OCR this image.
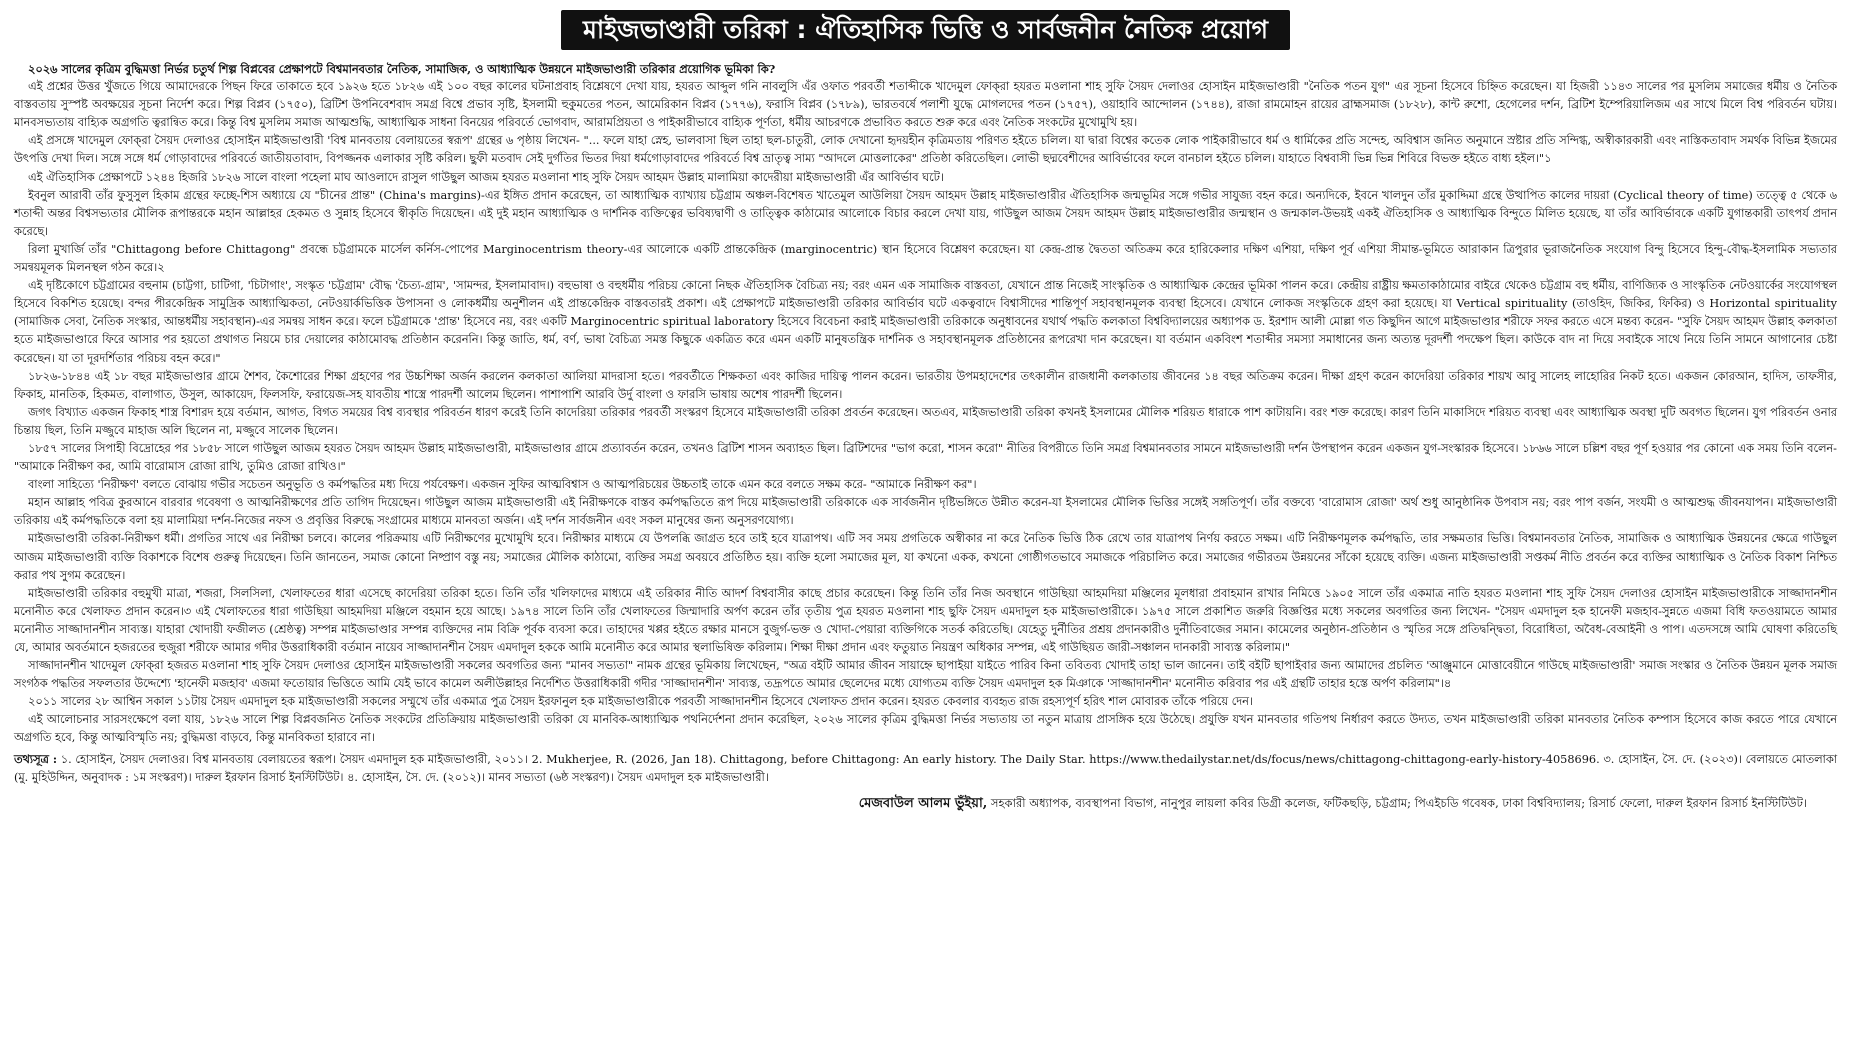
মাইজভাণ্ডারী তরিকা : ঐতিহাসিক ভিত্তি ও সার্বজনীন নৈতিক প্রয়োগ

২০২৬ সালের কৃত্রিম বুদ্ধিমত্তা নির্ভর চতুর্থ শিল্প বিপ্লবের প্রেক্ষাপটে বিশ্বমানবতার নৈতিক, সামাজিক, ও আধ্যাত্মিক উন্নয়নে মাইজভাণ্ডারী তরিকার প্রয়োগিক ভূমিকা কি?

এই প্রশ্নের উত্তর খুঁজতে গিয়ে আমাদেরকে পিছন ফিরে তাকাতে হবে ১৯২৬ হতে ১৮২৬ এই ১০০ বছর কালের ঘটনাপ্রবাহ বিশ্লেষণে দেখা যায়, হযরত আব্দুল গনি নাবলুসি এঁর ওফাত পরবর্তী শতাব্দীকে খাদেমুল ফোক্‌রা হযরত মওলানা শাহ সুফি সৈয়দ দেলাওর হোসাইন মাইজভাণ্ডারী "নৈতিক পতন যুগ" এর সূচনা হিসেবে চিহ্নিত করেছেন। যা হিজরী ১১৪৩ সালের পর মুসলিম সমাজের ধর্মীয় ও নৈতিক বাস্তবতায় সুস্পষ্ট অবক্ষয়ের সূচনা নির্দেশ করে। শিল্প বিপ্লব (১৭৫০), ব্রিটিশ উপনিবেশবাদ সমগ্র বিশ্বে প্রভাব সৃষ্টি, ইসলামী হুকুমতের পতন, আমেরিকান বিপ্লব (১৭৭৬), ফরাসি বিপ্লব (১৭৮৯), ভারতবর্ষে পলাশী যুদ্ধে মোগলদের পতন (১৭৫৭), ওয়াহাবি আন্দোলন (১৭৪৪), রাজা রামমোহন রায়ের ব্রাহ্মসমাজ (১৮২৮), কান্ট রুশো, হেগেলের দর্শন, ব্রিটিশ ইম্পেরিয়ালিজম এর সাথে মিলে বিশ্ব পরিবর্তন ঘটায়। মানবসভ্যতায় বাহ্যিক অগ্রগতি ত্বরান্বিত করে। কিন্তু বিশ্ব মুসলিম সমাজ আত্মশুদ্ধি, আধ্যাত্মিক সাধনা বিনয়ের পরিবর্তে ভোগবাদ, আরামপ্রিয়তা ও পাইকারীভাবে বাহ্যিক পূর্ণতা, ধর্মীয় আচরণকে প্রভাবিত করতে শুরু করে এবং নৈতিক সংকটের মুখোমুখি হয়।

এই প্রসঙ্গে খাদেমুল ফোক্‌রা সৈয়দ দেলাওর হোসাইন মাইজভাণ্ডারী 'বিশ্ব মানবতায় বেলায়তের স্বরূপ' গ্রন্থের ৬ পৃষ্ঠায় লিখেন- "... ফলে যাহা স্নেহ, ভালবাসা ছিল তাহা ছল-চাতুরী, লোক দেখানো হৃদয়হীন কৃত্রিমতায় পরিণত হইতে চলিল। যা দ্বারা বিশ্বের কতেক লোক পাইকারীভাবে ধর্ম ও ধার্মিকের প্রতি সন্দেহ, অবিশ্বাস জনিত অনুমানে স্রষ্টার প্রতি সন্দিগ্ধ, অস্বীকারকারী এবং নাস্তিকতাবাদ সমর্থক বিভিন্ন ইজমের উৎপত্তি দেখা দিল। সঙ্গে সঙ্গে ধর্ম গোড়াবাদের পরিবর্তে জাতীয়তাবাদ, বিপজ্জনক এলাকার সৃষ্টি করিল। ছুফী মতবাদ সেই দুর্গতির ভিতর দিয়া ধর্মগোড়াবাদের পরিবর্তে বিশ্ব ভ্রাতৃত্ব সাম্য "আদলে মোত্তলাকের" প্রতিষ্ঠা করিতেছিল। লোভী ছদ্মবেশীদের আবির্ভাবের ফলে বানচাল হইতে চলিল। যাহাতে বিশ্ববাসী ভিন্ন ভিন্ন শিবিরে বিভক্ত হইতে বাধ্য হইল।"১

এই ঐতিহাসিক প্রেক্ষাপটে ১২৪৪ হিজরি ১৮২৬ সালে বাংলা পহেলা মাঘ আওলাদে রাসুল গাউছুল আজম হযরত মওলানা শাহ সুফি সৈয়দ আহমদ উল্লাহ মালামিয়া কাদেরীয়া মাইজভাণ্ডারী এঁর আবির্ভাব ঘটে।

ইবনুল আরাবী তাঁর ফুসুসুল হিকাম গ্রন্থের ফচ্ছে-শিস অধ্যায়ে যে "চীনের প্রান্ত" (China's margins)-এর ইঙ্গিত প্রদান করেছেন, তা আধ্যাত্মিক ব্যাখ্যায় চট্টগ্রাম অঞ্চল-বিশেষত খাতেমুল আউলিয়া সৈয়দ আহমদ উল্লাহ মাইজভাণ্ডারীর ঐতিহাসিক জন্মভূমির সঙ্গে গভীর সাযুজ্য বহন করে। অন্যদিকে, ইবনে খালদুন তাঁর মুকাদ্দিমা গ্রন্থে উত্থাপিত কালের দায়রা (Cyclical theory of time) তত্ত্বে ৫ থেকে ৬ শতাব্দী অন্তর বিশ্বসভ্যতার মৌলিক রূপান্তরকে মহান আল্লাহর হেকমত ও সুন্নাহ হিসেবে স্বীকৃতি দিয়েছেন। এই দুই মহান আধ্যাত্মিক ও দার্শনিক ব্যক্তিত্বের ভবিষ্যদ্বাণী ও তাত্ত্বিক কাঠামোর আলোকে বিচার করলে দেখা যায়, গাউছুল আজম সৈয়দ আহমদ উল্লাহ মাইজভাণ্ডারীর জন্মস্থান ও জন্মকাল-উভয়ই একই ঐতিহাসিক ও আধ্যাত্মিক বিন্দুতে মিলিত হয়েছে, যা তাঁর আবির্ভাবকে একটি যুগান্তকারী তাৎপর্য প্রদান করেছে।

রিলা মুখার্জি তাঁর "Chittagong before Chittagong" প্রবন্ধে চট্টগ্রামকে মার্সেল কর্নিস-পোপের Marginocentrism theory-এর আলোকে একটি প্রান্তকেন্দ্রিক (marginocentric) স্থান হিসেবে বিশ্লেষণ করেছেন। যা কেন্দ্র-প্রান্ত দ্বৈততা অতিক্রম করে হারিকেলার দক্ষিণ এশিয়া, দক্ষিণ পূর্ব এশিয়া সীমান্ত-ভূমিতে আরাকান ত্রিপুরার ভূরাজনৈতিক সংযোগ বিন্দু হিসেবে হিন্দু-বৌদ্ধ-ইসলামিক সভ্যতার সমন্বয়মূলক মিলনস্থল গঠন করে।২

এই দৃষ্টিকোণে চট্টগ্রামের বহুনাম (চাট্টগা, চাটিগা, 'চিটাগাং', সংস্কৃত 'চট্টগ্রাম' বৌদ্ধ 'চৈত্য-গ্রাম', 'সামন্দর, ইসলামাবাদ।) বহুভাষা ও বহুধর্মীয় পরিচয় কোনো নিছক ঐতিহাসিক বৈচিত্র্য নয়; বরং এমন এক সামাজিক বাস্তবতা, যেখানে প্রান্ত নিজেই সাংস্কৃতিক ও আধ্যাত্মিক কেন্দ্রের ভূমিকা পালন করে। কেন্দ্রীয় রাষ্ট্রীয় ক্ষমতাকাঠামোর বাইরে থেকেও চট্টগ্রাম বহু ধর্মীয়, বাণিজ্যিক ও সাংস্কৃতিক নেটওয়ার্কের সংযোগস্থল হিসেবে বিকশিত হয়েছে। বন্দর পীরকেন্দ্রিক সামুদ্রিক আধ্যাত্মিকতা, নেটওয়ার্কভিত্তিক উপাসনা ও লোকধর্মীয় অনুশীলন এই প্রান্তকেন্দ্রিক বাস্তবতারই প্রকাশ। এই প্রেক্ষাপটে মাইজভাণ্ডারী তরিকার আবির্ভাব ঘটে একত্ববাদে বিশ্বাসীদের শান্তিপূর্ণ সহাবস্থানমূলক ব্যবস্থা হিসেবে। যেখানে লোকজ সংস্কৃতিকে গ্রহণ করা হয়েছে। যা Vertical spirituality (তাওহিদ, জিকির, ফিকির) ও Horizontal spirituality (সামাজিক সেবা, নৈতিক সংস্কার, আন্তধর্মীয় সহাবস্থান)-এর সমন্বয় সাধন করে। ফলে চট্টগ্রামকে 'প্রান্ত' হিসেবে নয়, বরং একটি Marginocentric spiritual laboratory হিসেবে বিবেচনা করাই মাইজভাণ্ডারী তরিকাকে অনুধাবনের যথার্থ পদ্ধতি কলকাতা বিশ্ববিদ্যালয়ের অধ্যাপক ড. ইরশাদ আলী মোল্লা গত কিছুদিন আগে মাইজভাণ্ডার শরীফে সফর করতে এসে মন্তব্য করেন- "সুফি সৈয়দ আহমদ উল্লাহ কলকাতা হতে মাইজভাণ্ডারে ফিরে আসার পর হয়তো প্রথাগত নিয়মে চার দেয়ালের কাঠামোবদ্ধ প্রতিষ্ঠান করেননি। কিন্তু জাতি, ধর্ম, বর্ণ, ভাষা বৈচিত্র্য সমস্ত কিছুকে একত্রিত করে এমন একটি মানুষতন্ত্রিক দার্শনিক ও সহাবস্থানমূলক প্রতিষ্ঠানের রূপরেখা দান করেছেন। যা বর্তমান একবিংশ শতাব্দীর সমস্যা সমাধানের জন্য অত্যন্ত দূরদর্শী পদক্ষেপ ছিল। কাউকে বাদ না দিয়ে সবাইকে সাথে নিয়ে তিনি সামনে আগানোর চেষ্টা করেছেন। যা তা দূরদর্শিতার পরিচয় বহন করে।"

১৮২৬-১৮৪৪ এই ১৮ বছর মাইজভাণ্ডার গ্রামে শৈশব, কৈশোরের শিক্ষা গ্রহণের পর উচ্চশিক্ষা অর্জন করলেন কলকাতা আলিয়া মাদরাসা হতে। পরবর্তীতে শিক্ষকতা এবং কাজির দায়িত্ব পালন করেন। ভারতীয় উপমহাদেশের তৎকালীন রাজধানী কলকাতায় জীবনের ১৪ বছর অতিক্রম করেন। দীক্ষা গ্রহণ করেন কাদেরিয়া তরিকার শায়খ আবু সালেহ লাহোরির নিকট হতে। একজন কোরআন, হাদিস, তাফসীর, ফিকাহ, মানতিক, হিকমত, বালাগাত, উসুল, আকায়েদ, ফিলসফি, ফরায়েজ-সহ যাবতীয় শাস্ত্রে পারদর্শী আলেম ছিলেন। পাশাপাশি আরবি উর্দু বাংলা ও ফারসি ভাষায় অশেষ পারদর্শী ছিলেন।

জগৎ বিখ্যাত একজন ফিকাহ শাস্ত্র বিশারদ হয়ে বর্তমান, আগত, বিগত সময়ের বিশ্ব ব্যবস্থার পরিবর্তন ধারণ করেই তিনি কাদেরিয়া তরিকার পরবর্তী সংস্করণ হিসেবে মাইজভাণ্ডারী তরিকা প্রবর্তন করেছেন। অতএব, মাইজভাণ্ডারী তরিকা কখনই ইসলামের মৌলিক শরিয়ত ধারাকে পাশ কাটায়নি। বরং শক্ত করেছে। কারণ তিনি মাকাসিদে শরিয়ত ব্যবস্থা এবং আধ্যাত্মিক অবস্থা দুটি অবগত ছিলেন। যুগ পরিবর্তন ওনার চিন্তায় ছিল, তিনি মজ্জুবে মাহাজ অলি ছিলেন না, মজ্জুবে সালেক ছিলেন।

১৮৫৭ সালের সিপাহী বিদ্রোহের পর ১৮৫৮ সালে গাউছুল আজম হযরত সৈয়দ আহমদ উল্লাহ মাইজভাণ্ডারী, মাইজভাণ্ডার গ্রামে প্রত্যাবর্তন করেন, তখনও ব্রিটিশ শাসন অব্যাহত ছিল। ব্রিটিশদের "ভাগ করো, শাসন করো" নীতির বিপরীতে তিনি সমগ্র বিশ্বমানবতার সামনে মাইজভাণ্ডারী দর্শন উপস্থাপন করেন একজন যুগ-সংস্কারক হিসেবে। ১৮৬৬ সালে চল্লিশ বছর পূর্ণ হওয়ার পর কোনো এক সময় তিনি বলেন- "আমাকে নিরীক্ষণ কর, আমি বারোমাস রোজা রাখি, তুমিও রোজা রাখিও।"

বাংলা সাহিত্যে 'নিরীক্ষণ' বলতে বোঝায় গভীর সচেতন অনুভূতি ও কর্মপদ্ধতির মধ্য দিয়ে পর্যবেক্ষণ। একজন সুফির আত্মবিশ্বাস ও আত্মপরিচয়ের উচ্চতাই তাকে এমন করে বলতে সক্ষম করে- "আমাকে নিরীক্ষণ কর"।

মহান আল্লাহ পবিত্র কুরআনে বারবার গবেষণা ও আত্মনিরীক্ষণের প্রতি তাগিদ দিয়েছেন। গাউছুল আজম মাইজভাণ্ডারী এই নিরীক্ষণকে বাস্তব কর্মপদ্ধতিতে রূপ দিয়ে মাইজভাণ্ডারী তরিকাকে এক সার্বজনীন দৃষ্টিভঙ্গিতে উন্নীত করেন-যা ইসলামের মৌলিক ভিত্তির সঙ্গেই সঙ্গতিপূর্ণ। তাঁর বক্তব্যে 'বারোমাস রোজা' অর্থ শুধু আনুষ্ঠানিক উপবাস নয়; বরং পাপ বর্জন, সংযমী ও আত্মশুদ্ধ জীবনযাপন। মাইজভাণ্ডারী তরিকায় এই কর্মপদ্ধতিকে বলা হয় মালামিয়া দর্শন-নিজের নফস ও প্রবৃত্তির বিরুদ্ধে সংগ্রামের মাধ্যমে মানবতা অর্জন। এই দর্শন সার্বজনীন এবং সকল মানুষের জন্য অনুসরণযোগ্য।

মাইজভাণ্ডারী তরিকা-নিরীক্ষণ ধর্মী। প্রগতির সাথে এর নিরীক্ষা চলবে। কালের পরিক্রমায় এটি নিরীক্ষণের মুখোমুখি হবে। নিরীক্ষার মাধ্যমে যে উপলব্ধি জাগ্রত হবে তাই হবে যাত্রাপথ। এটি সব সময় প্রগতিকে অস্বীকার না করে নৈতিক ভিত্তি ঠিক রেখে তার যাত্রাপথ নির্ণয় করতে সক্ষম। এটি নিরীক্ষণমূলক কর্মপদ্ধতি, তার সক্ষমতার ভিত্তি। বিশ্বমানবতার নৈতিক, সামাজিক ও আধ্যাত্মিক উন্নয়নের ক্ষেত্রে গাউছুল আজম মাইজভাণ্ডারী ব্যক্তি বিকাশকে বিশেষ গুরুত্ব দিয়েছেন। তিনি জানতেন, সমাজ কোনো নিষ্প্রাণ বস্তু নয়; সমাজের মৌলিক কাঠামো, ব্যক্তির সমগ্র অবয়বে প্রতিষ্ঠিত হয়। ব্যক্তি হলো সমাজের মূল, যা কখনো একক, কখনো গোষ্ঠীগতভাবে সমাজকে পরিচালিত করে। সমাজের গভীরতম উন্নয়নের সাঁকো হয়েছে ব্যক্তি। এজন্য মাইজভাণ্ডারী সপ্তকর্ম নীতি প্রবর্তন করে ব্যক্তির আধ্যাত্মিক ও নৈতিক বিকাশ নিশ্চিত করার পথ সুগম করেছেন।

মাইজভাণ্ডারী তরিকার বহুমুখী মাত্রা, শজরা, সিলসিলা, খেলাফতের ধারা এসেছে কাদেরিয়া তরিকা হতে। তিনি তাঁর খলিফাদের মাধ্যমে এই তরিকার নীতি আদর্শ বিশ্ববাসীর কাছে প্রচার করেছেন। কিন্তু তিনি তাঁর নিজ অবস্থানে গাউছিয়া আহমদিয়া মঞ্জিলের মূলধারা প্রবাহমান রাখার নিমিত্তে ১৯০৫ সালে তাঁর একমাত্র নাতি হযরত মওলানা শাহ সুফি সৈয়দ দেলাওর হোসাইন মাইজভাণ্ডারীকে সাজ্জাদানশীন মনোনীত করে খেলাফত প্রদান করেন।৩ এই খেলাফতের ধারা গাউছিয়া আহমদিয়া মঞ্জিলে বহমান হয়ে আছে। ১৯৭৪ সালে তিনি তাঁর খেলাফতের জিম্মাদারি অর্পণ করেন তাঁর তৃতীয় পুত্র হযরত মওলানা শাহ ছুফি সৈয়দ এমদাদুল হক মাইজভাণ্ডারীকে। ১৯৭৫ সালে প্রকাশিত জরুরি বিজ্ঞপ্তির মধ্যে সকলের অবগতির জন্য লিখেন- "সৈয়দ এমদাদুল হক হানেফী মজহাব-সুন্নতে এজমা বিধি ফতওয়ামতে আমার মনোনীত সাজ্জাদানশীন সাব্যস্ত। যাহারা খোদায়ী ফজীলত (শ্রেষ্ঠত্ব) সম্পন্ন মাইজভাণ্ডার সম্পন্ন ব্যক্তিদের নাম বিক্রি পূর্বক ব্যবসা করে। তাহাদের খপ্পর হইতে রক্ষার মানসে বুজুর্গ-ভক্ত ও খোদা-পেয়ারা ব্যক্তিগিকে সতর্ক করিতেছি। যেহেতু দুর্নীতির প্রশ্রয় প্রদানকারীও দুর্নীতিবাজের সমান। কামেলের অনুষ্ঠান-প্রতিষ্ঠান ও স্মৃতির সঙ্গে প্রতিদ্বন্দ্বিতা, বিরোধিতা, অবৈধ-বেআইনী ও পাপ। এতদসঙ্গে আমি ঘোষণা করিতেছি যে, আমার অবর্তমানে হজরতের হুজুরা শরীফে আমার গদীর উত্তরাধিকারী বর্তমান নায়েব সাজ্জাদানশীন সৈয়দ এমদাদুল হককে আমি মনোনীত করে আমার স্থলাভিষিক্ত করিলাম। শিক্ষা দীক্ষা প্রদান এবং ফতুয়াত নিয়ন্ত্রণ অধিকার সম্পন্ন, এই গাউছিয়ত জারী-সঞ্চালন দানকারী সাব্যস্ত করিলাম।"

সাজ্জাদানশীন খাদেমুল ফোক্‌রা হজরত মওলানা শাহ সুফি সৈয়দ দেলাওর হোসাইন মাইজভাণ্ডারী সকলের অবগতির জন্য "মানব সভ্যতা" নামক গ্রন্থের ভূমিকায় লিখেছেন, "অত্র বইটি আমার জীবন সায়াহ্নে ছাপাইয়া যাইতে পারিব কিনা তবিতব্য খোদাই তাহা ভাল জানেন। তাই বইটি ছাপাইবার জন্য আমাদের প্রচলিত 'আঞ্জুমানে মোত্তাবেয়ীনে গাউছে মাইজভাণ্ডারী' সমাজ সংস্কার ও নৈতিক উন্নয়ন মূলক সমাজ সংগঠক পদ্ধতির সফলতার উদ্দেশ্যে 'হানেফী মজহাব' এজমা ফতোয়ার ভিত্তিতে আমি যেই ভাবে কামেল অলীউল্লাহর নির্দেশিত উত্তরাধিকারী গদীর 'সাজ্জাদানশীন' সাব্যস্ত, তদ্রূপতে আমার ছেলেদের মধ্যে যোগ্যতম ব্যক্তি সৈয়দ এমদাদুল হক মিঞাকে 'সাজ্জাদানশীন' মনোনীত করিবার পর এই গ্রন্থটি তাহার হস্তে অর্পণ করিলাম"।৪

২০১১ সালের ২৮ আশ্বিন সকাল ১১টায় সৈয়দ এমদাদুল হক মাইজভাণ্ডারী সকলের সম্মুখে তাঁর একমাত্র পুত্র সৈয়দ ইরফানুল হক মাইজভাণ্ডারীকে পরবর্তী সাজ্জাদানশীন হিসেবে খেলাফত প্রদান করেন। হযরত কেবলার ব্যবহৃত রাজ রহস্যপূর্ণ হরিৎ শাল মোবারক তাঁকে পরিয়ে দেন।

এই আলোচনার সারসংক্ষেপে বলা যায়, ১৮২৬ সালে শিল্প বিপ্লবজনিত নৈতিক সংকটের প্রতিক্রিয়ায় মাইজভাণ্ডারী তরিকা যে মানবিক-আধ্যাত্মিক পথনির্দেশনা প্রদান করেছিল, ২০২৬ সালের কৃত্রিম বুদ্ধিমত্তা নির্ভর সভ্যতায় তা নতুন মাত্রায় প্রাসঙ্গিক হয়ে উঠেছে। প্রযুক্তি যখন মানবতার গতিপথ নির্ধারণ করতে উদ্যত, তখন মাইজভাণ্ডারী তরিকা মানবতার নৈতিক কম্পাস হিসেবে কাজ করতে পারে যেখানে অগ্রগতি হবে, কিন্তু আত্মবিস্মৃতি নয়; বুদ্ধিমত্তা বাড়বে, কিন্তু মানবিকতা হারাবে না।

তথ্যসূত্র : ১. হোসাইন, সৈয়দ দেলাওর। বিশ্ব মানবতায় বেলায়তের স্বরূপ। সৈয়দ এমদাদুল হক মাইজভাণ্ডারী, ২০১১। 2. Mukherjee, R. (2026, Jan 18). Chittagong, before Chittagong: An early history. The Daily Star. https://www.thedailystar.net/ds/focus/news/chittagong-chittagong-early-history-4058696. ৩. হোসাইন, সৈ. দে. (২০২৩)। বেলায়তে মোতলাকা (মু. মুহিউদ্দিন, অনুবাদক : ১ম সংস্করণ)। দারুল ইরফান রিসার্চ ইনস্টিটিউট। ৪. হোসাইন, সৈ. দে. (২০১২)। মানব সভ্যতা (৬ষ্ঠ সংস্করণ)। সৈয়দ এমদাদুল হক মাইজভাণ্ডারী।
মেজবাউল আলম ভুঁইয়া, সহকারী অধ্যাপক, ব্যবস্থাপনা বিভাগ, নানুপুর লায়লা কবির ডিগ্রী কলেজ, ফটিকছড়ি, চট্টগ্রাম; পিএইচডি গবেষক, ঢাকা বিশ্ববিদ্যালয়; রিসার্চ ফেলো, দারুল ইরফান রিসার্চ ইনস্টিটিউট।
